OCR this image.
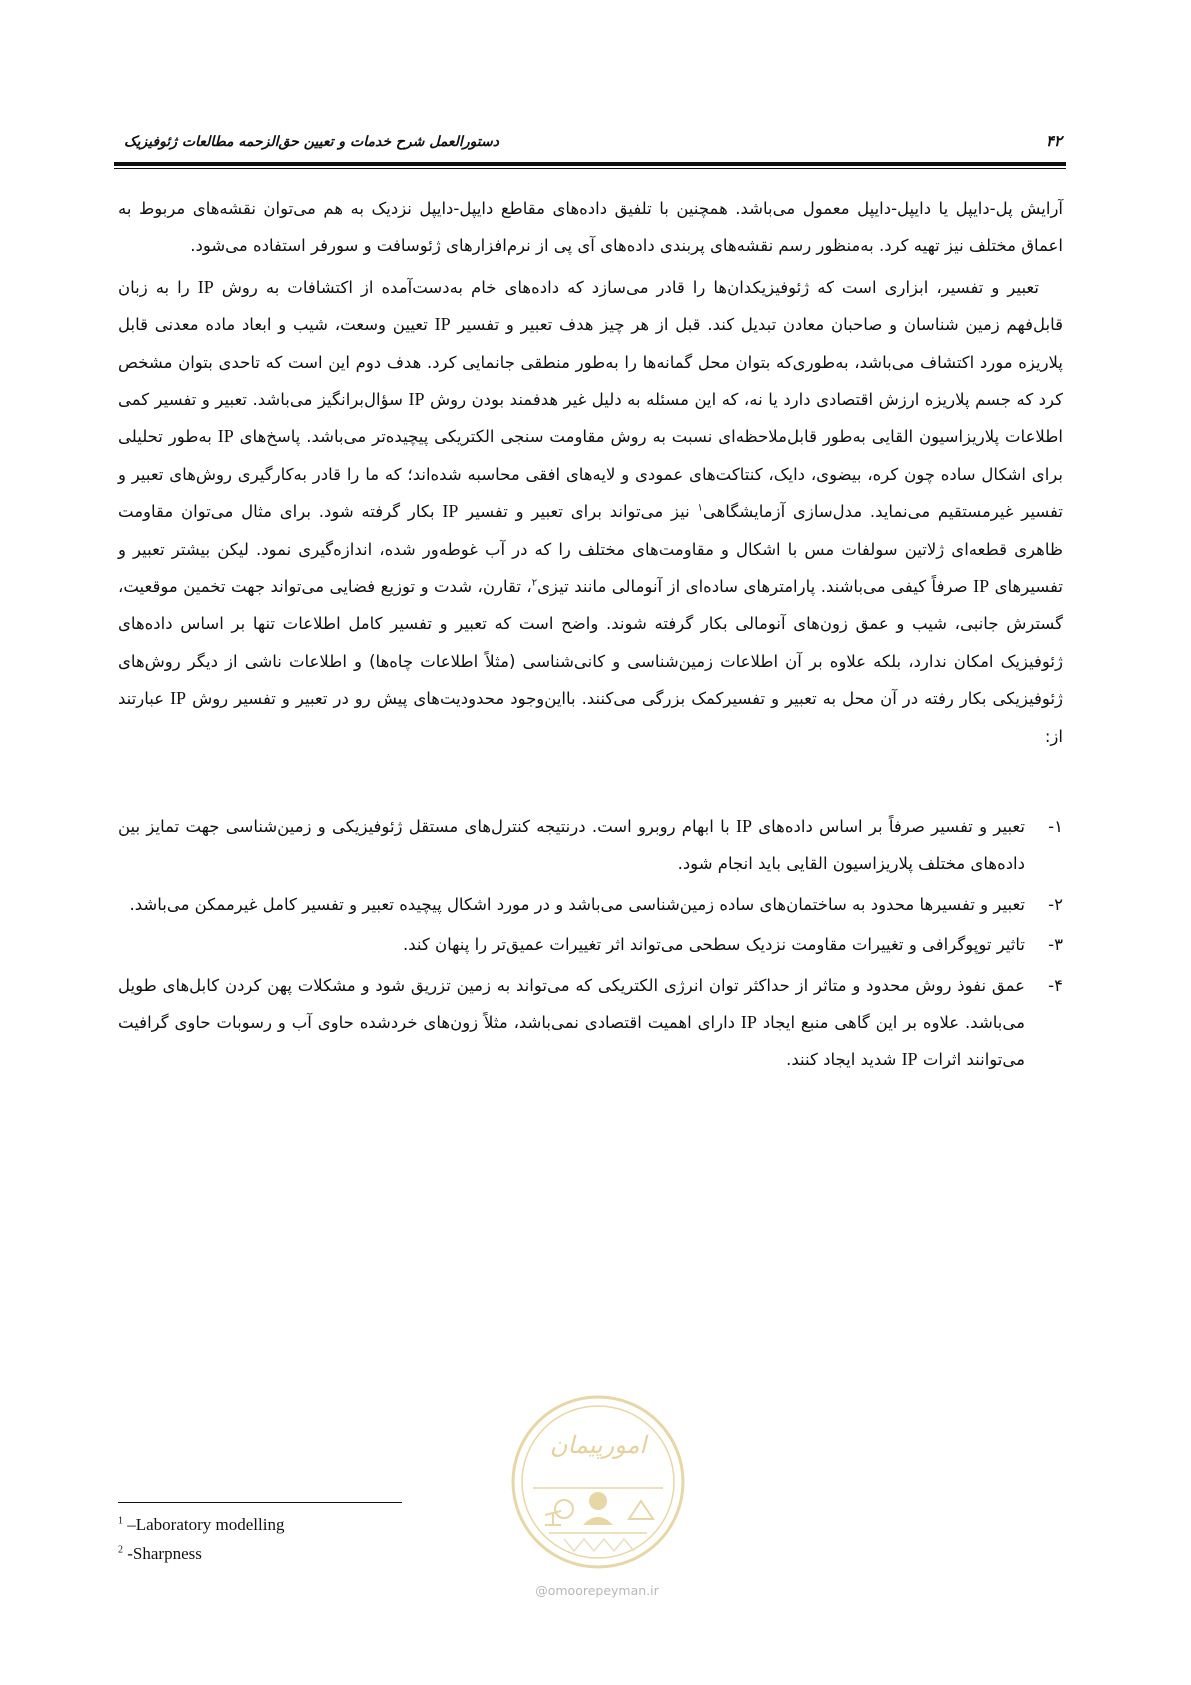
دستورالعمل شرح خدمات و تعیین حق‌الزحمه مطالعات ژئوفیزیک	۴۲

آرایش پل-دایپل یا دایپل-دایپل معمول می‌باشد. همچنین با تلفیق داده‌های مقاطع دایپل-دایپل نزدیک به هم می‌توان نقشه‌های مربوط به اعماق مختلف نیز تهیه کرد. به‌منظور رسم نقشه‌های پربندی داده‌های آی پی از نرم‌افزارهای ژئوسافت و سورفر استفاده می‌شود.

تعبیر و تفسیر، ابزاری است که ژئوفیزیکدان‌ها را قادر می‌سازد که داده‌های خام به‌دست‌آمده از اکتشافات به روش IP را به زبان قابل‌فهم زمین شناسان و صاحبان معادن تبدیل کند. قبل از هر چیز هدف تعبیر و تفسیر IP تعیین وسعت، شیب و ابعاد ماده معدنی قابل پلاریزه مورد اکتشاف می‌باشد، به‌طوری‌که بتوان محل گمانه‌ها را به‌طور منطقی جانمایی کرد. هدف دوم این است که تاحدی بتوان مشخص کرد که جسم پلاریزه ارزش اقتصادی دارد یا نه، که این مسئله به دلیل غیر هدفمند بودن روش IP سؤال‌برانگیز می‌باشد. تعبیر و تفسیر کمی اطلاعات پلاریزاسیون القایی به‌طور قابل‌ملاحظه‌ای نسبت به روش مقاومت سنجی الکتریکی پیچیده‌تر می‌باشد. پاسخ‌های IP به‌طور تحلیلی برای اشکال ساده چون کره، بیضوی، دایک، کنتاکت‌های عمودی و لایه‌های افقی محاسبه شده‌اند؛ که ما را قادر به‌کارگیری روش‌های تعبیر و تفسیر غیرمستقیم می‌نماید. مدل‌سازی آزمایشگاهی$^۱$ نیز می‌تواند برای تعبیر و تفسیر IP بکار گرفته شود. برای مثال می‌توان مقاومت ظاهری قطعه‌ای ژلاتین سولفات مس با اشکال و مقاومت‌های مختلف را که در آب غوطه‌ور شده، اندازه‌گیری نمود. لیکن بیشتر تعبیر و تفسیرهای IP صرفاً کیفی می‌باشند. پارامترهای ساده‌ای از آنومالی مانند تیزی$^۲$، تقارن، شدت و توزیع فضایی می‌تواند جهت تخمین موقعیت، گسترش جانبی، شیب و عمق زون‌های آنومالی بکار گرفته شوند. واضح است که تعبیر و تفسیر کامل اطلاعات تنها بر اساس داده‌های ژئوفیزیک امکان ندارد، بلکه علاوه بر آن اطلاعات زمین‌شناسی و کانی‌شناسی (مثلاً اطلاعات چاه‌ها) و اطلاعات ناشی از دیگر روش‌های ژئوفیزیکی بکار رفته در آن محل به تعبیر و تفسیرکمک بزرگی می‌کنند. بااین‌وجود محدودیت‌های پیش رو در تعبیر و تفسیر روش IP عبارتند از:

۱-
تعبیر و تفسیر صرفاً بر اساس داده‌های IP با ابهام روبرو است. درنتیجه کنترل‌های مستقل ژئوفیزیکی و زمین‌شناسی جهت تمایز بین داده‌های مختلف پلاریزاسیون القایی باید انجام شود.
۲-
تعبیر و تفسیرها محدود به ساختمان‌های ساده زمین‌شناسی می‌باشد و در مورد اشکال پیچیده تعبیر و تفسیر کامل غیرممکن می‌باشد.
۳-
تاثیر توپوگرافی و تغییرات مقاومت نزدیک سطحی می‌تواند اثر تغییرات عمیق‌تر را پنهان کند.
۴-
عمق نفوذ روش محدود و متاثر از حداکثر توان انرژی الکتریکی که می‌تواند به زمین تزریق شود و مشکلات پهن کردن کابل‌های طویل می‌باشد. علاوه بر این گاهی منبع ایجاد IP دارای اهمیت اقتصادی نمی‌باشد، مثلاً زون‌های خردشده حاوی آب و رسوبات حاوی گرافیت می‌توانند اثرات IP شدید ایجاد کنند.
امورپیمان
@omoorepeyman.ir
$^1$ –Laboratory modelling
$^2$ -Sharpness
